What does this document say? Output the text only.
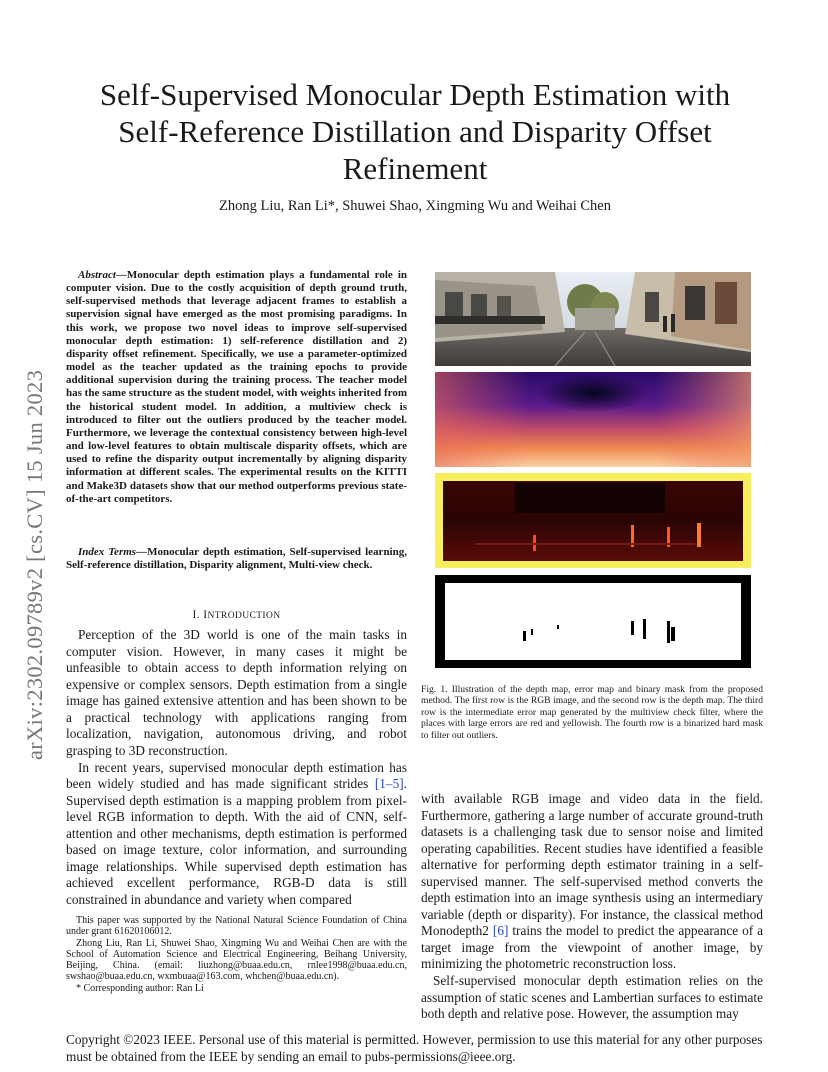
arXiv:2302.09789v2 [cs.CV] 15 Jun 2023
Self-Supervised Monocular Depth Estimation with Self-Reference Distillation and Disparity Offset Refinement
Zhong Liu, Ran Li*, Shuwei Shao, Xingming Wu and Weihai Chen
Abstract—Monocular depth estimation plays a fundamental role in computer vision. Due to the costly acquisition of depth ground truth, self-supervised methods that leverage adjacent frames to establish a supervision signal have emerged as the most promising paradigms. In this work, we propose two novel ideas to improve self-supervised monocular depth estimation: 1) self-reference distillation and 2) disparity offset refinement. Specifically, we use a parameter-optimized model as the teacher updated as the training epochs to provide additional supervision during the training process. The teacher model has the same structure as the student model, with weights inherited from the historical student model. In addition, a multiview check is introduced to filter out the outliers produced by the teacher model. Furthermore, we leverage the contextual consistency between high-level and low-level features to obtain multiscale disparity offsets, which are used to refine the disparity output incrementally by aligning disparity information at different scales. The experimental results on the KITTI and Make3D datasets show that our method outperforms previous state-of-the-art competitors.
Index Terms—Monocular depth estimation, Self-supervised learning, Self-reference distillation, Disparity alignment, Multi-view check.
I. INTRODUCTION

Perception of the 3D world is one of the main tasks in computer vision. However, in many cases it might be unfeasible to obtain access to depth information relying on expensive or complex sensors. Depth estimation from a single image has gained extensive attention and has been shown to be a practical technology with applications ranging from localization, navigation, autonomous driving, and robot grasping to 3D reconstruction.

In recent years, supervised monocular depth estimation has been widely studied and has made significant strides [1–5]. Supervised depth estimation is a mapping problem from pixel-level RGB information to depth. With the aid of CNN, self-attention and other mechanisms, depth estimation is performed based on image texture, color information, and surrounding image relationships. While supervised depth estimation has achieved excellent performance, RGB-D data is still constrained in abundance and variety when compared

This paper was supported by the National Natural Science Foundation of China under grant 61620106012.

Zhong Liu, Ran Li, Shuwei Shao, Xingming Wu and Weihai Chen are with the School of Automation Science and Electrical Engineering, Beihang University, Beijing, China. (email: liuzhong@buaa.edu.cn, rnlee1998@buaa.edu.cn, swshao@buaa.edu.cn, wxmbuaa@163.com, whchen@buaa.edu.cn).

* Corresponding author: Ran Li

Fig. 1. Illustration of the depth map, error map and binary mask from the proposed method. The first row is the RGB image, and the second row is the depth map. The third row is the intermediate error map generated by the multiview check filter, where the places with large errors are red and yellowish. The fourth row is a binarized hard mask to filter out outliers.

with available RGB image and video data in the field. Furthermore, gathering a large number of accurate ground-truth datasets is a challenging task due to sensor noise and limited operating capabilities. Recent studies have identified a feasible alternative for performing depth estimator training in a self-supervised manner. The self-supervised method converts the depth estimation into an image synthesis using an intermediary variable (depth or disparity). For instance, the classical method Monodepth2 [6] trains the model to predict the appearance of a target image from the viewpoint of another image, by minimizing the photometric reconstruction loss.

Self-supervised monocular depth estimation relies on the assumption of static scenes and Lambertian surfaces to estimate both depth and relative pose. However, the assumption may

Copyright ©2023 IEEE. Personal use of this material is permitted. However, permission to use this material for any other purposes must be obtained from the IEEE by sending an email to pubs-permissions@ieee.org.
